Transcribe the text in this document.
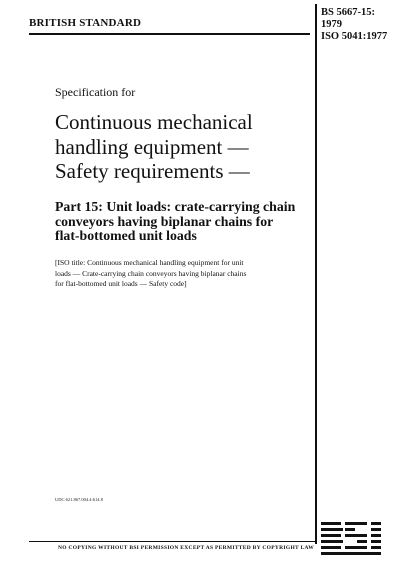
BRITISH STANDARD
BS 5667-15:
1979
ISO 5041:1977
Specification for
Continuous mechanical
handling equipment —
Safety requirements —
Part 15: Unit loads: crate-carrying chain
conveyors having biplanar chains for
flat-bottomed unit loads
[ISO title: Continuous mechanical handling equipment for unit
loads — Crate-carrying chain conveyors having biplanar chains
for flat-bottomed unit loads — Safety code]
UDC 621.867.004.4:614.8
NO COPYING WITHOUT BSI PERMISSION EXCEPT AS PERMITTED BY COPYRIGHT LAW
